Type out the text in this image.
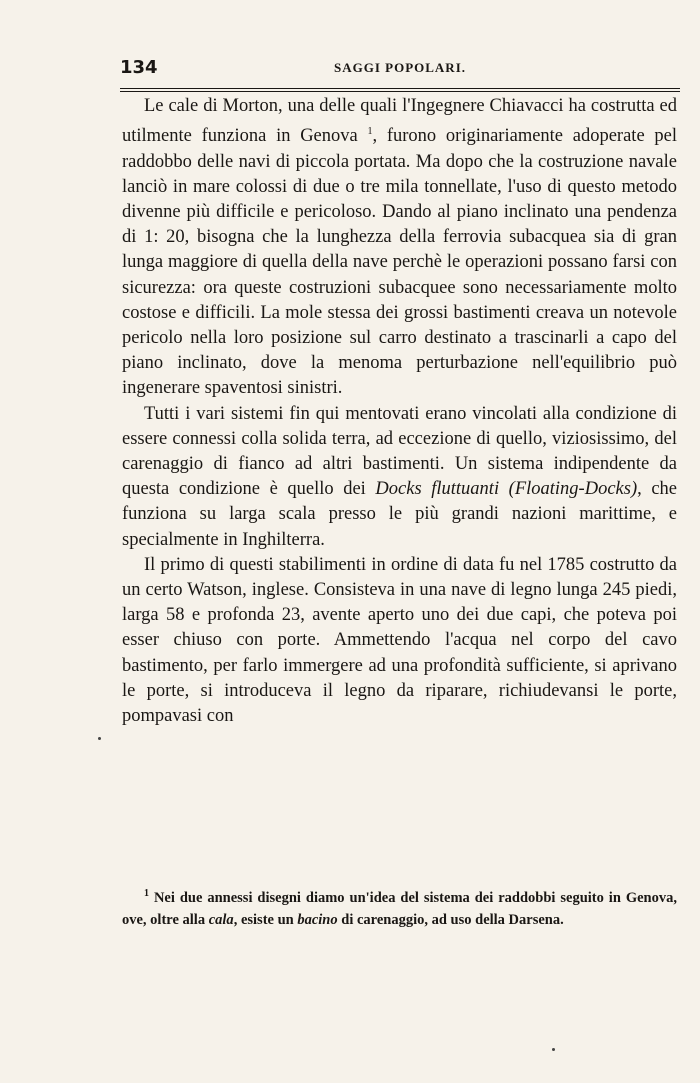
134	SAGGI POPOLARI.

Le cale di Morton, una delle quali l'Ingegnere Chiavacci ha costrutta ed utilmente funziona in Genova $^1$, furono originariamente adoperate pel raddobbo delle navi di piccola portata. Ma dopo che la costruzione navale lanciò in mare colossi di due o tre mila tonnellate, l'uso di questo metodo divenne più difficile e pericoloso. Dando al piano inclinato una pendenza di 1: 20, bisogna che la lunghezza della ferrovia subacquea sia di gran lunga maggiore di quella della nave perchè le operazioni possano farsi con sicurezza: ora queste costruzioni subacquee sono necessariamente molto costose e difficili. La mole stessa dei grossi bastimenti creava un notevole pericolo nella loro posizione sul carro destinato a trascinarli a capo del piano inclinato, dove la menoma perturbazione nell'equilibrio può ingenerare spaventosi sinistri.

Tutti i vari sistemi fin qui mentovati erano vincolati alla condizione di essere connessi colla solida terra, ad eccezione di quello, viziosissimo, del carenaggio di fianco ad altri bastimenti. Un sistema indipendente da questa condizione è quello dei Docks fluttuanti (Floating-Docks), che funziona su larga scala presso le più grandi nazioni marittime, e specialmente in Inghilterra.

Il primo di questi stabilimenti in ordine di data fu nel 1785 costrutto da un certo Watson, inglese. Consisteva in una nave di legno lunga 245 piedi, larga 58 e profonda 23, avente aperto uno dei due capi, che poteva poi esser chiuso con porte. Ammettendo l'acqua nel corpo del cavo bastimento, per farlo immergere ad una profondità sufficiente, si aprivano le porte, si introduceva il legno da riparare, richiudevansi le porte, pompavasi con

$^1$ Nei due annessi disegni diamo un'idea del sistema dei raddobbi seguito in Genova, ove, oltre alla cala, esiste un bacino di carenaggio, ad uso della Darsena.
